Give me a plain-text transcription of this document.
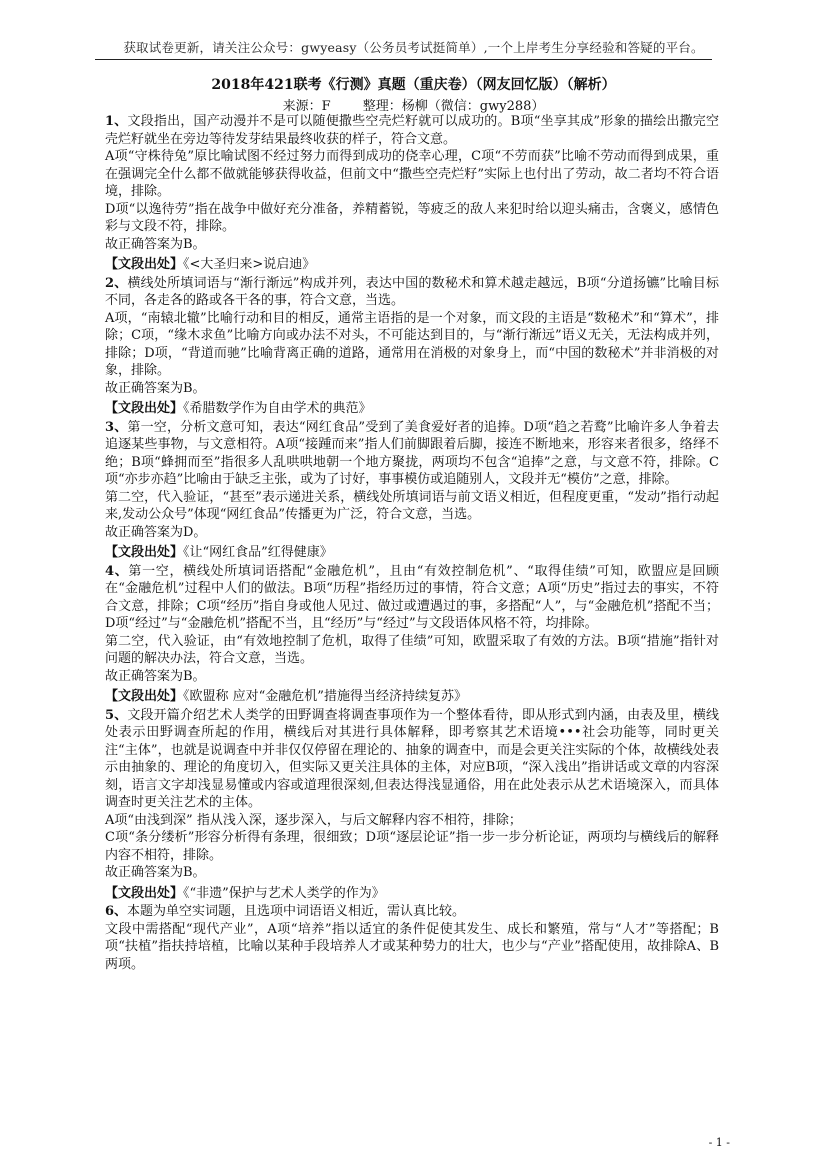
获取试卷更新，请关注公众号：gwyeasy（公务员考试挺简单）,一个上岸考生分享经验和答疑的平台。
2018年421联考《行测》真题（重庆卷）（网友回忆版）（解析）
来源：F 整理：杨柳（微信：gwy288）

1、文段指出，国产动漫并不是可以随便撒些空壳烂籽就可以成功的。B项“坐享其成”形象的描绘出撒完空壳烂籽就坐在旁边等待发芽结果最终收获的样子，符合文意。

A项“守株待兔”原比喻试图不经过努力而得到成功的侥幸心理，C项“不劳而获”比喻不劳动而得到成果，重在强调完全什么都不做就能够获得收益，但前文中“撒些空壳烂籽”实际上也付出了劳动，故二者均不符合语境，排除。

D项“以逸待劳”指在战争中做好充分准备，养精蓄锐，等疲乏的敌人来犯时给以迎头痛击，含褒义，感情色彩与文段不符，排除。

故正确答案为B。

【文段出处】《<大圣归来>说启迪》

2、横线处所填词语与“渐行渐远”构成并列，表达中国的数秘术和算术越走越远，B项“分道扬镳”比喻目标不同，各走各的路或各干各的事，符合文意，当选。

A项，“南辕北辙”比喻行动和目的相反，通常主语指的是一个对象，而文段的主语是“数秘术”和“算术”，排除；C项，“缘木求鱼”比喻方向或办法不对头，不可能达到目的，与“渐行渐远”语义无关，无法构成并列，排除；D项，“背道而驰”比喻背离正确的道路，通常用在消极的对象身上，而“中国的数秘术”并非消极的对象，排除。

故正确答案为B。

【文段出处】《希腊数学作为自由学术的典范》

3、第一空，分析文意可知，表达“网红食品”受到了美食爱好者的追捧。D项“趋之若鹜”比喻许多人争着去追逐某些事物，与文意相符。A项“接踵而来”指人们前脚跟着后脚，接连不断地来，形容来者很多，络绎不绝；B项“蜂拥而至”指很多人乱哄哄地朝一个地方聚拢，两项均不包含“追捧”之意，与文意不符，排除。C项“亦步亦趋”比喻由于缺乏主张，或为了讨好，事事模仿或追随别人，文段并无“模仿”之意，排除。

第二空，代入验证，“甚至”表示递进关系，横线处所填词语与前文语义相近，但程度更重，“发动”指行动起来,发动公众号”体现“网红食品”传播更为广泛，符合文意，当选。

故正确答案为D。

【文段出处】《让“网红食品”红得健康》

4、第一空，横线处所填词语搭配“金融危机”，且由“有效控制危机”、“取得佳绩”可知，欧盟应是回顾在“金融危机”过程中人们的做法。B项“历程”指经历过的事情，符合文意；A项“历史”指过去的事实，不符合文意，排除；C项“经历”指自身或他人见过、做过或遭遇过的事，多搭配“人”，与“金融危机”搭配不当；D项“经过”与“金融危机”搭配不当，且“经历”与“经过”与文段语体风格不符，均排除。

第二空，代入验证，由“有效地控制了危机，取得了佳绩”可知，欧盟采取了有效的方法。B项“措施”指针对问题的解决办法，符合文意，当选。

故正确答案为B。

【文段出处】《欧盟称 应对“金融危机”措施得当经济持续复苏》

5、文段开篇介绍艺术人类学的田野调查将调查事项作为一个整体看待，即从形式到内涵，由表及里，横线处表示田野调查所起的作用，横线后对其进行具体解释，即考察其艺术语境•••社会功能等，同时更关注“主体”，也就是说调查中并非仅仅停留在理论的、抽象的调查中，而是会更关注实际的个体，故横线处表示由抽象的、理论的角度切入，但实际又更关注具体的主体，对应B项，“深入浅出”指讲话或文章的内容深刻，语言文字却浅显易懂或内容或道理很深刻,但表达得浅显通俗，用在此处表示从艺术语境深入，而具体调查时更关注艺术的主体。

A项“由浅到深” 指从浅入深，逐步深入，与后文解释内容不相符，排除；

C项“条分缕析”形容分析得有条理，很细致；D项“逐层论证”指一步一步分析论证，两项均与横线后的解释内容不相符，排除。

故正确答案为B。

【文段出处】《“非遗”保护与艺术人类学的作为》

6、本题为单空实词题，且选项中词语语义相近，需认真比较。

文段中需搭配“现代产业”，A项“培养”指以适宜的条件促使其发生、成长和繁殖，常与“人才”等搭配；B项“扶植”指扶持培植，比喻以某种手段培养人才或某种势力的壮大，也少与“产业”搭配使用，故排除A、B两项。

- 1 -
